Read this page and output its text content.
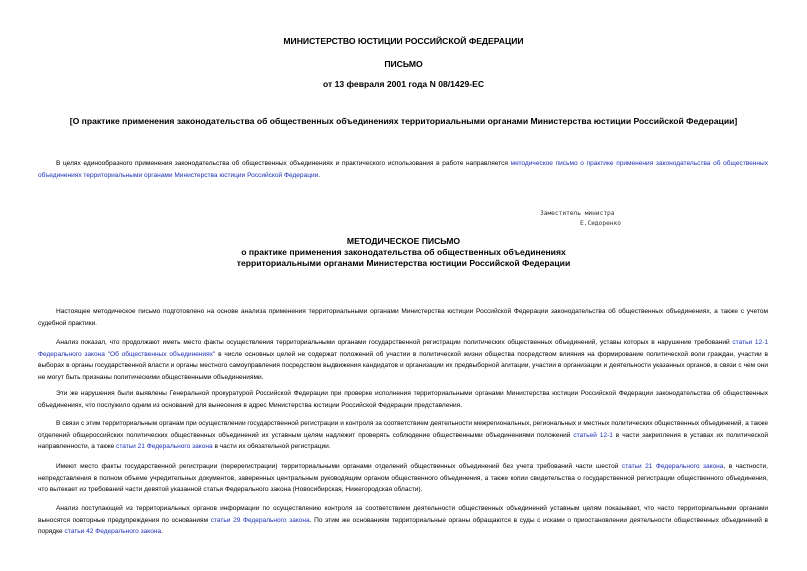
МИНИСТЕРСТВО ЮСТИЦИИ РОССИЙСКОЙ ФЕДЕРАЦИИ
ПИСЬМО
от 13 февраля 2001 года N 08/1429-ЕС
[О практике применения законодательства об общественных объединениях территориальными органами Министерства юстиции Российской Федерации]
В целях единообразного применения законодательства об общественных объединениях и практического использования в работе направляется методическое письмо о практике применения законодательства об общественных объединениях территориальными органами Министерства юстиции Российской Федерации.
Заместитель министра
Е.Сидоренко
МЕТОДИЧЕСКОЕ ПИСЬМО
о практике применения законодательства об общественных объединениях
территориальными органами Министерства юстиции Российской Федерации
Настоящее методическое письмо подготовлено на основе анализа применения территориальными органами Министерства юстиции Российской Федерации законодательства об общественных объединениях, а также с учетом судебной практики.
Анализ показал, что продолжают иметь место факты осуществления территориальными органами государственной регистрации политических общественных объединений, уставы которых в нарушение требований статьи 12-1 Федерального закона "Об общественных объединениях" в числе основных целей не содержат положений об участии в политической жизни общества посредством влияния на формирование политической воли граждан, участии в выборах в органы государственной власти и органы местного самоуправления посредством выдвижения кандидатов и организации их предвыборной агитации, участии в организации и деятельности указанных органов, в связи с чем они не могут быть признаны политическими общественными объединениями.
Эти же нарушения были выявлены Генеральной прокуратурой Российской Федерации при проверке исполнения территориальными органами Министерства юстиции Российской Федерации законодательства об общественных объединениях, что послужило одним из оснований для вынесения в адрес Министерства юстиции Российской Федерации представления.
В связи с этим территориальным органам при осуществлении государственной регистрации и контроля за соответствием деятельности межрегиональных, региональных и местных политических общественных объединений, а также отделений общероссийских политических общественных объединений их уставным целям надлежит проверять соблюдение общественными объединениями положений статьей 12-1 в части закрепления в уставах их политической направленности, а также статьи 21 Федерального закона в части их обязательной регистрации.
Имеют место факты государственной регистрации (перерегистрации) территориальными органами отделений общественных объединений без учета требований части шестой статьи 21 Федерального закона, в частности, непредставления в полном объеме учредительных документов, заверенных центральным руководящим органом общественного объединения, а также копии свидетельства о государственной регистрации общественного объединения, что вытекает из требований части девятой указанной статьи Федерального закона (Новосибирская, Нижегородская области).
Анализ поступающей из территориальных органов информации по осуществлению контроля за соответствием деятельности общественных объединений уставным целям показывает, что часто территориальными органами выносятся повторные предупреждения по основаниям статьи 29 Федерального закона. По этим же основаниям территориальные органы обращаются в суды с исками о приостановлении деятельности общественных объединений в порядке статьи 42 Федерального закона.
